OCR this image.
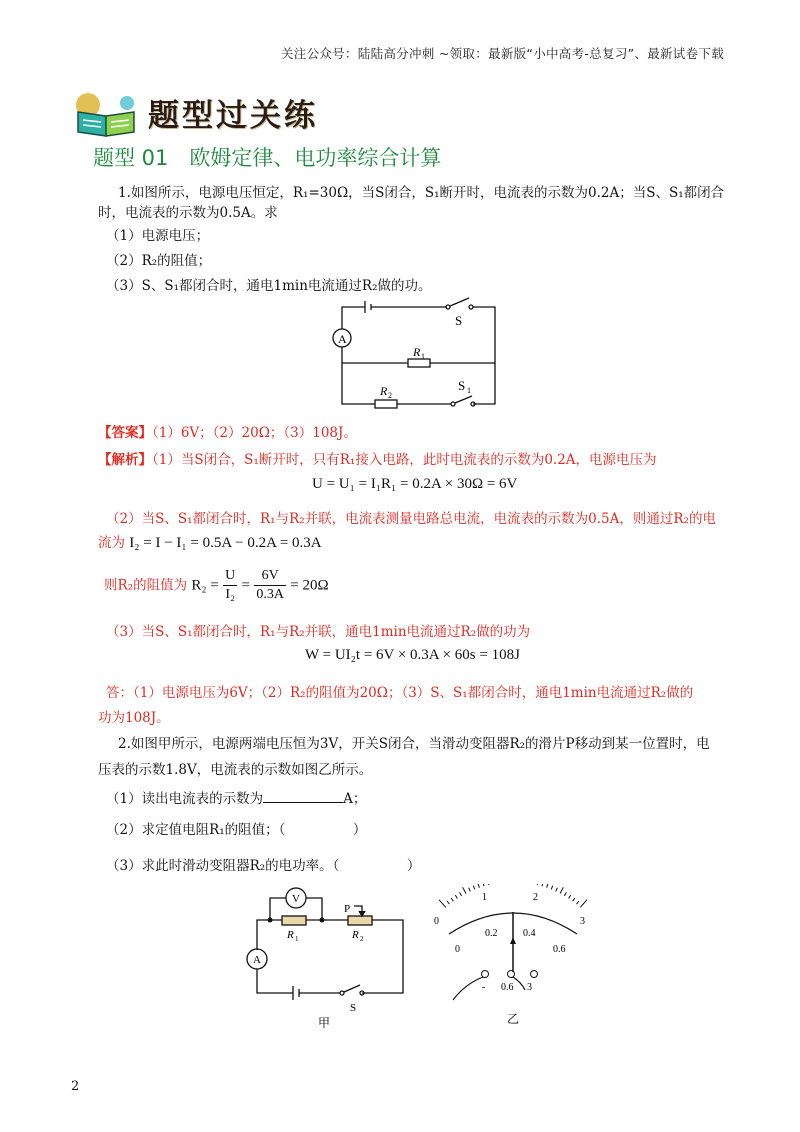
关注公众号：陆陆高分冲刺 ~领取：最新版“小中高考-总复习”、最新试卷下载
题型过关练
题型 01　欧姆定律、电功率综合计算
1.如图所示，电源电压恒定，R₁=30Ω，当S闭合，S₁断开时，电流表的示数为0.2A；当S、S₁都闭合
时，电流表的示数为0.5A。求
（1）电源电压；
（2）R₂的阻值；
（3）S、S₁都闭合时，通电1min电流通过R₂做的功。
A
S
R 1
R 2
S 1
【答案】（1）6V；（2）20Ω；（3）108J。
【解析】（1）当S闭合，S₁断开时，只有R₁接入电路，此时电流表的示数为0.2A，电源电压为
U = U₁ = I₁R₁ = 0.2A × 30Ω = 6V
（2）当S、S₁都闭合时，R₁与R₂并联，电流表测量电路总电流，电流表的示数为0.5A，则通过R₂的电
流为 I₂ = I − I₁ = 0.5A − 0.2A = 0.3A
则R₂的阻值为 $R_2 = \frac{U}{\text{I₂}} = \frac{6V}{0.3A} = 20\Omega$
（3）当S、S₁都闭合时，R₁与R₂并联，通电1min电流通过R₂做的功为
W = UI₂t = 6V × 0.3A × 60s = 108J
答：（1）电源电压为6V；（2）R₂的阻值为20Ω；（3）S、S₁都闭合时，通电1min电流通过R₂做的
功为108J。
2.如图甲所示，电源两端电压恒为3V，开关S闭合，当滑动变阻器R₂的滑片P移动到某一位置时，电
压表的示数1.8V，电流表的示数如图乙所示。
（1）读出电流表的示数为	A；
（2）求定值电阻R₁的阻值；（　　　　　）
（3）求此时滑动变阻器R₂的电功率。（　　　　　）
V
A
P
R 1	R 2
S
甲
0
1	2
3
0
0.2	0.4
0.6
- 0.6 3
乙
2
